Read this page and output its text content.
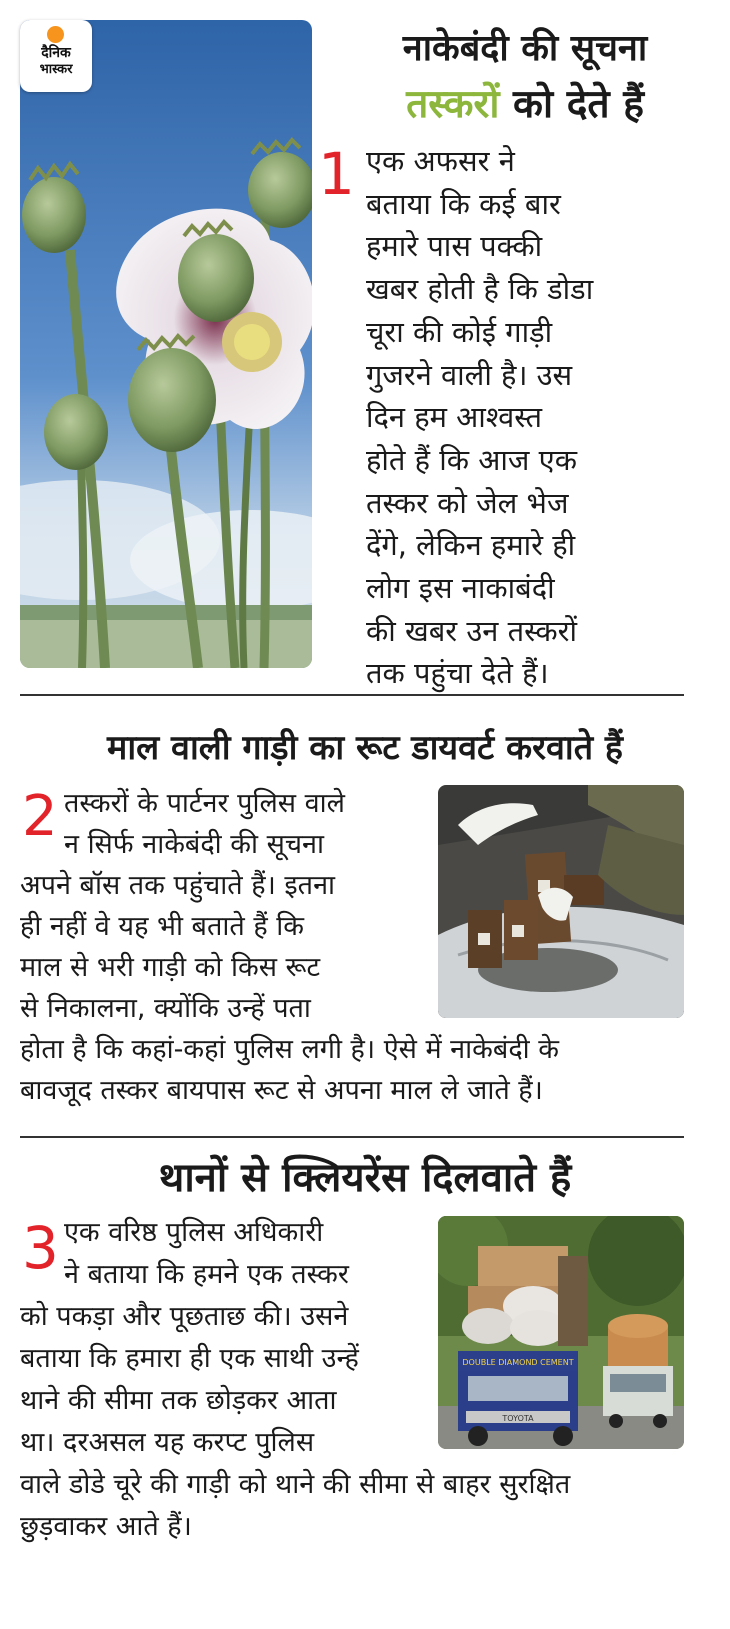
दैनिक
भास्कर
नाकेबंदी की सूचना
तस्करों को देते हैं
1 एक अफसर ने
बताया कि कई बार
हमारे पास पक्की
खबर होती है कि डोडा
चूरा की कोई गाड़ी
गुजरने वाली है। उस
दिन हम आश्वस्त
होते हैं कि आज एक
तस्कर को जेल भेज
देंगे, लेकिन हमारे ही
लोग इस नाकाबंदी
की खबर उन तस्करों
तक पहुंचा देते हैं।
माल वाली गाड़ी का रूट डायवर्ट करवाते हैं
2 तस्करों के पार्टनर पुलिस वाले
न सिर्फ नाकेबंदी की सूचना
अपने बॉस तक पहुंचाते हैं। इतना
ही नहीं वे यह भी बताते हैं कि
माल से भरी गाड़ी को किस रूट
से निकालना, क्योंकि उन्हें पता
होता है कि कहां-कहां पुलिस लगी है। ऐसे में नाकेबंदी के
बावजूद तस्कर बायपास रूट से अपना माल ले जाते हैं।
थानों से क्लियरेंस दिलवाते हैं
3 एक वरिष्ठ पुलिस अधिकारी
ने बताया कि हमने एक तस्कर
को पकड़ा और पूछताछ की। उसने
बताया कि हमारा ही एक साथी उन्हें
थाने की सीमा तक छोड़कर आता
था। दरअसल यह करप्ट पुलिस
वाले डोडे चूरे की गाड़ी को थाने की सीमा से बाहर सुरक्षित
छुड़वाकर आते हैं।
DOUBLE DIAMOND CEMENT
TOYOTA
